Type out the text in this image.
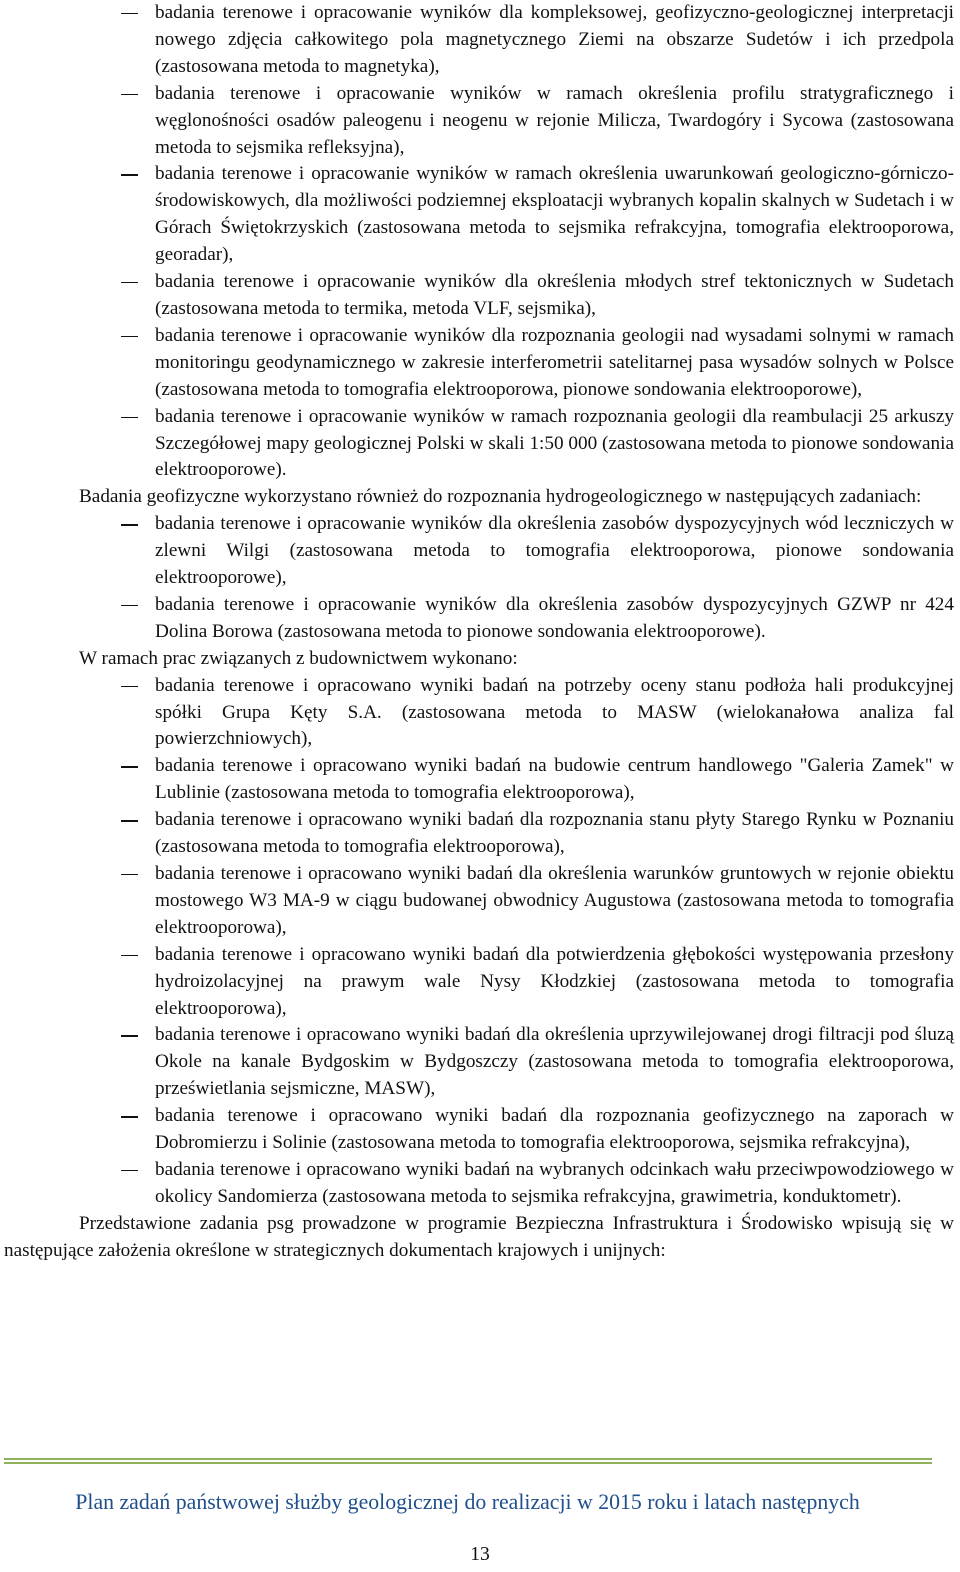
badania terenowe i opracowanie wyników dla kompleksowej, geofizyczno-geologicznej interpretacji nowego zdjęcia całkowitego pola magnetycznego Ziemi na obszarze Sudetów i ich przedpola (zastosowana metoda to magnetyka),
badania terenowe i opracowanie wyników w ramach określenia profilu stratygraficznego i węglonośności osadów paleogenu i neogenu w rejonie Milicza, Twardogóry i Sycowa (zastosowana metoda to sejsmika refleksyjna),
badania terenowe i opracowanie wyników w ramach określenia uwarunkowań geologiczno-górniczo-środowiskowych, dla możliwości podziemnej eksploatacji wybranych kopalin skalnych w Sudetach i w Górach Świętokrzyskich (zastosowana metoda to sejsmika refrakcyjna, tomografia elektrooporowa, georadar),
badania terenowe i opracowanie wyników dla określenia młodych stref tektonicznych w Sudetach (zastosowana metoda to termika, metoda VLF, sejsmika),
badania terenowe i opracowanie wyników dla rozpoznania geologii nad wysadami solnymi w ramach monitoringu geodynamicznego w zakresie interferometrii satelitarnej pasa wysadów solnych w Polsce (zastosowana metoda to tomografia elektrooporowa, pionowe sondowania elektrooporowe),
badania terenowe i opracowanie wyników w ramach rozpoznania geologii dla reambulacji 25 arkuszy Szczegółowej mapy geologicznej Polski w skali 1:50 000 (zastosowana metoda to pionowe sondowania elektrooporowe).

Badania geofizyczne wykorzystano również do rozpoznania hydrogeologicznego w następujących zadaniach:

badania terenowe i opracowanie wyników dla określenia zasobów dyspozycyjnych wód leczniczych w zlewni Wilgi (zastosowana metoda to tomografia elektrooporowa, pionowe sondowania elektrooporowe),
badania terenowe i opracowanie wyników dla określenia zasobów dyspozycyjnych GZWP nr 424 Dolina Borowa (zastosowana metoda to pionowe sondowania elektrooporowe).

W ramach prac związanych z budownictwem wykonano:

badania terenowe i opracowano wyniki badań na potrzeby oceny stanu podłoża hali produkcyjnej spółki Grupa Kęty S.A. (zastosowana metoda to MASW (wielokanałowa analiza fal powierzchniowych),
badania terenowe i opracowano wyniki badań na budowie centrum handlowego "Galeria Zamek" w Lublinie (zastosowana metoda to tomografia elektrooporowa),
badania terenowe i opracowano wyniki badań dla rozpoznania stanu płyty Starego Rynku w Poznaniu (zastosowana metoda to tomografia elektrooporowa),
badania terenowe i opracowano wyniki badań dla określenia warunków gruntowych w rejonie obiektu mostowego W3 MA-9 w ciągu budowanej obwodnicy Augustowa (zastosowana metoda to tomografia elektrooporowa),
badania terenowe i opracowano wyniki badań dla potwierdzenia głębokości występowania przesłony hydroizolacyjnej na prawym wale Nysy Kłodzkiej (zastosowana metoda to tomografia elektrooporowa),
badania terenowe i opracowano wyniki badań dla określenia uprzywilejowanej drogi filtracji pod śluzą Okole na kanale Bydgoskim w Bydgoszczy (zastosowana metoda to tomografia elektrooporowa, prześwietlania sejsmiczne, MASW),
badania terenowe i opracowano wyniki badań dla rozpoznania geofizycznego na zaporach w Dobromierzu i Solinie (zastosowana metoda to tomografia elektrooporowa, sejsmika refrakcyjna),
badania terenowe i opracowano wyniki badań na wybranych odcinkach wału przeciwpowodziowego w okolicy Sandomierza (zastosowana metoda to sejsmika refrakcyjna, grawimetria, konduktometr).

Przedstawione zadania psg prowadzone w programie Bezpieczna Infrastruktura i Środowisko wpisują się w następujące założenia określone w strategicznych dokumentach krajowych i unijnych:

Plan zadań państwowej służby geologicznej do realizacji w 2015 roku i latach następnych
13
